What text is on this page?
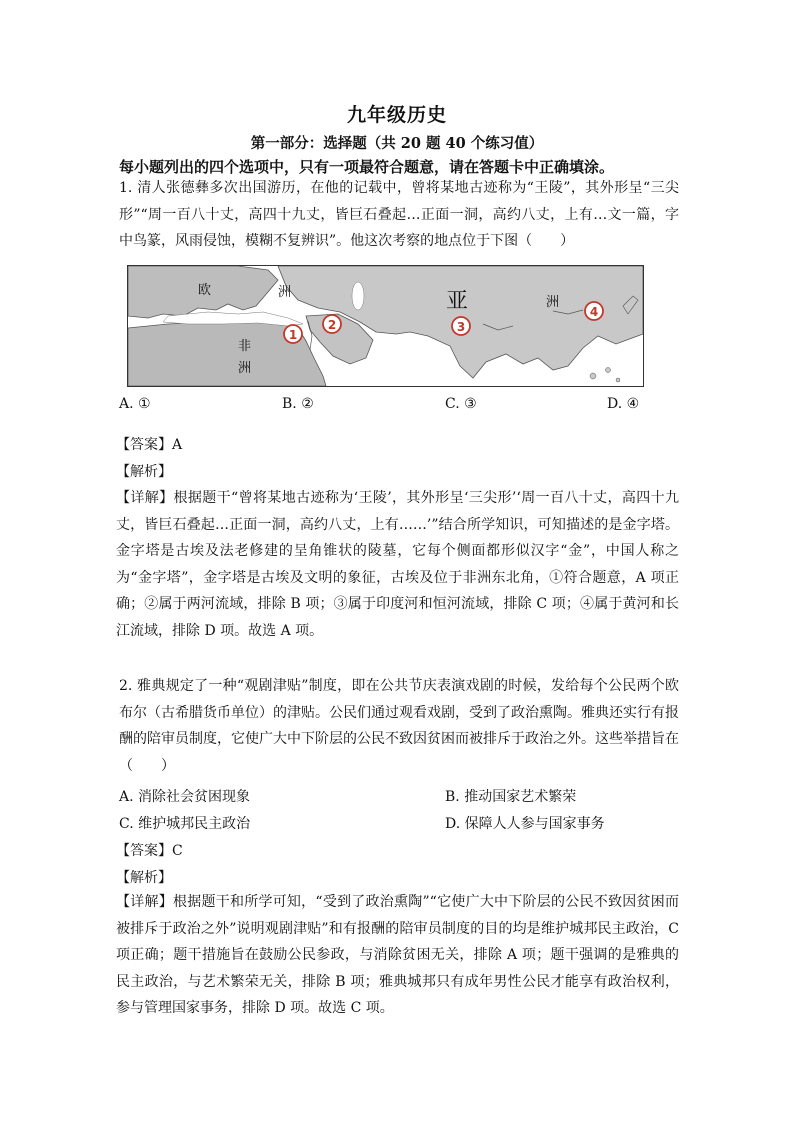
九年级历史
第一部分：选择题（共 20 题 40 个练习值）
每小题列出的四个选项中，只有一项最符合题意，请在答题卡中正确填涂。

1. 清人张德彝多次出国游历，在他的记载中，曾将某地古迹称为“王陵”，其外形呈“三尖形”“周一百八十丈，高四十九丈，皆巨石叠起…正面一洞，高约八丈，上有…文一篇，字中鸟篆，风雨侵蚀，模糊不复辨识”。他这次考察的地点位于下图（　　）

欧	洲	亚	洲
非
洲
1
2	3
4
A. ①	B. ②	C. ③	D. ④
【答案】A
【解析】

【详解】根据题干“曾将某地古迹称为‘王陵’，其外形呈‘三尖形’‘周一百八十丈，高四十九丈，皆巨石叠起…正面一洞，高约八丈，上有……’”结合所学知识，可知描述的是金字塔。金字塔是古埃及法老修建的呈角锥状的陵墓，它每个侧面都形似汉字“金”，中国人称之为“金字塔”，金字塔是古埃及文明的象征，古埃及位于非洲东北角，①符合题意，A 项正确；②属于两河流域，排除 B 项；③属于印度河和恒河流域，排除 C 项；④属于黄河和长江流域，排除 D 项。故选 A 项。

2. 雅典规定了一种“观剧津贴”制度，即在公共节庆表演戏剧的时候，发给每个公民两个欧布尔（古希腊货币单位）的津贴。公民们通过观看戏剧，受到了政治熏陶。雅典还实行有报酬的陪审员制度，它使广大中下阶层的公民不致因贫困而被排斥于政治之外。这些举措旨在（　　）

A. 消除社会贫困现象	B. 推动国家艺术繁荣
C. 维护城邦民主政治	D. 保障人人参与国家事务
【答案】C
【解析】

【详解】根据题干和所学可知，“受到了政治熏陶”“它使广大中下阶层的公民不致因贫困而被排斥于政治之外”说明观剧津贴”和有报酬的陪审员制度的目的均是维护城邦民主政治，C 项正确；题干措施旨在鼓励公民参政，与消除贫困无关，排除 A 项；题干强调的是雅典的民主政治，与艺术繁荣无关，排除 B 项；雅典城邦只有成年男性公民才能享有政治权利，参与管理国家事务，排除 D 项。故选 C 项。
